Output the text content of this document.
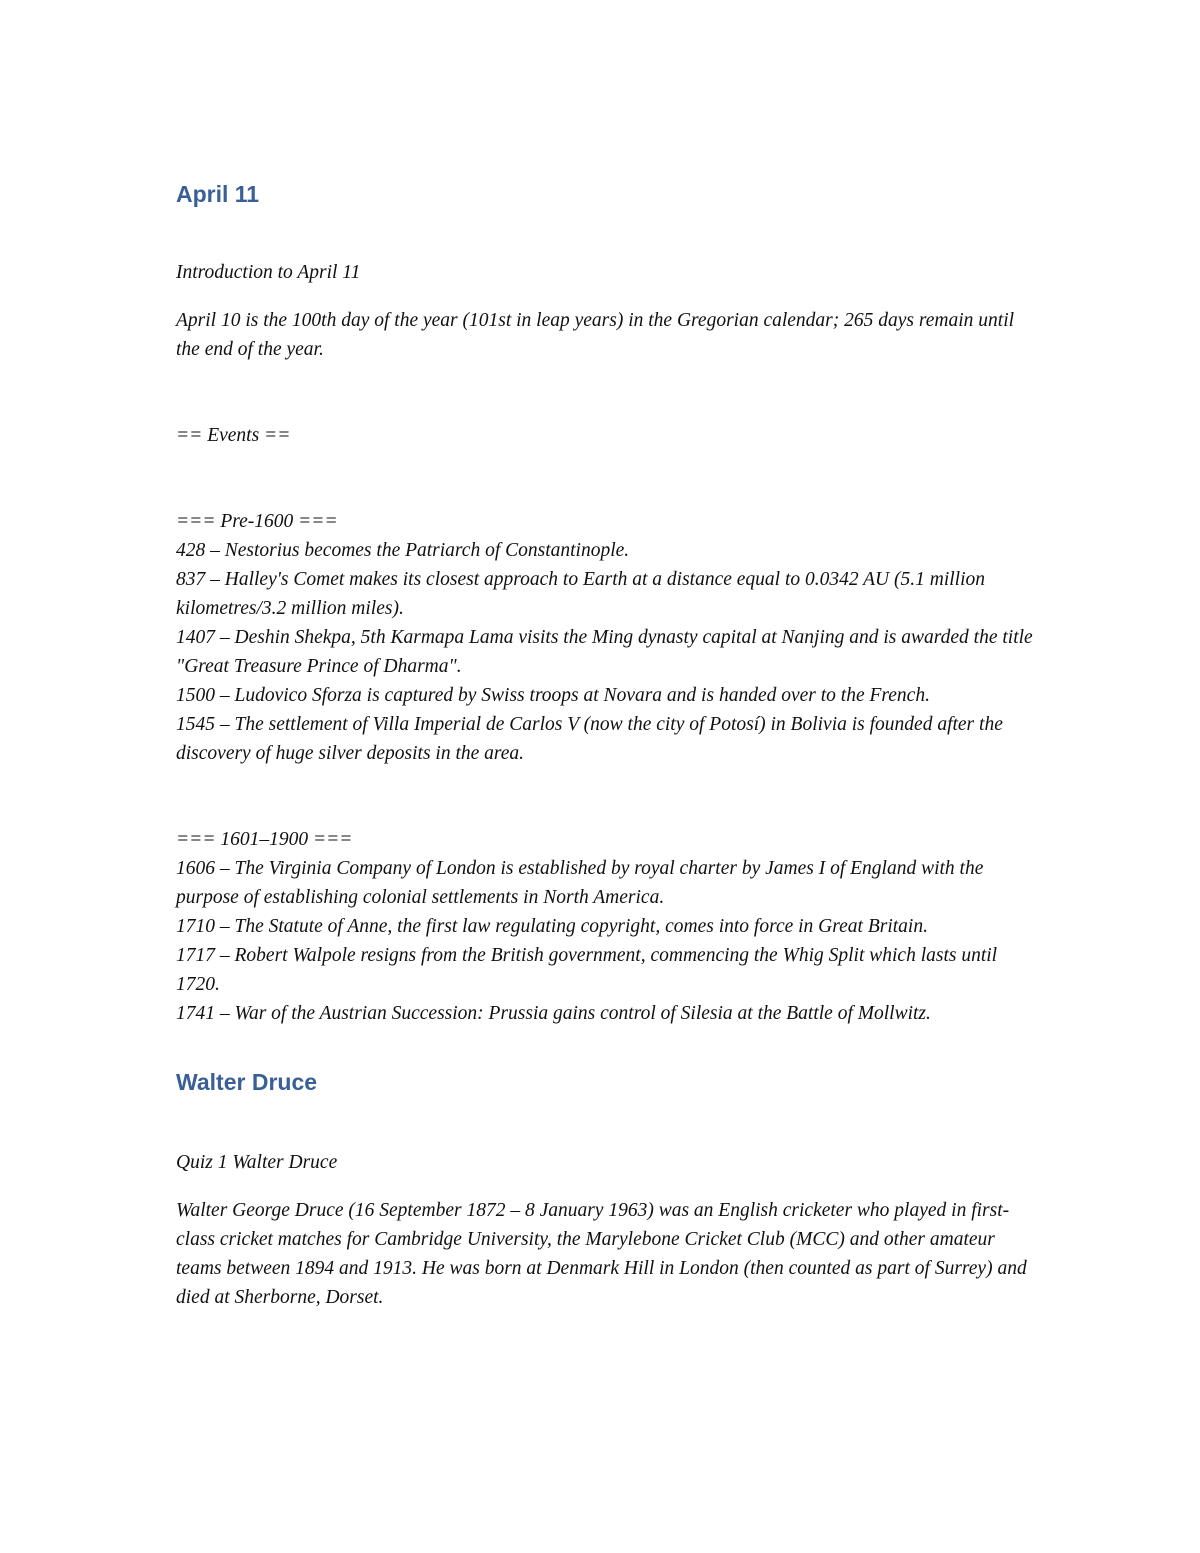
April 11

Introduction to April 11

April 10 is the 100th day of the year (101st in leap years) in the Gregorian calendar; 265 days remain until the end of the year.

== Events ==

=== Pre-1600 ===

428 – Nestorius becomes the Patriarch of Constantinople.

837 – Halley's Comet makes its closest approach to Earth at a distance equal to 0.0342 AU (5.1 million kilometres/3.2 million miles).

1407 – Deshin Shekpa, 5th Karmapa Lama visits the Ming dynasty capital at Nanjing and is awarded the title "Great Treasure Prince of Dharma".

1500 – Ludovico Sforza is captured by Swiss troops at Novara and is handed over to the French.

1545 – The settlement of Villa Imperial de Carlos V (now the city of Potosí) in Bolivia is founded after the discovery of huge silver deposits in the area.

=== 1601–1900 ===

1606 – The Virginia Company of London is established by royal charter by James I of England with the purpose of establishing colonial settlements in North America.

1710 – The Statute of Anne, the first law regulating copyright, comes into force in Great Britain.

1717 – Robert Walpole resigns from the British government, commencing the Whig Split which lasts until 1720.

1741 – War of the Austrian Succession: Prussia gains control of Silesia at the Battle of Mollwitz.

Walter Druce

Quiz 1 Walter Druce

Walter George Druce (16 September 1872 – 8 January 1963) was an English cricketer who played in first-class cricket matches for Cambridge University, the Marylebone Cricket Club (MCC) and other amateur teams between 1894 and 1913. He was born at Denmark Hill in London (then counted as part of Surrey) and died at Sherborne, Dorset.
